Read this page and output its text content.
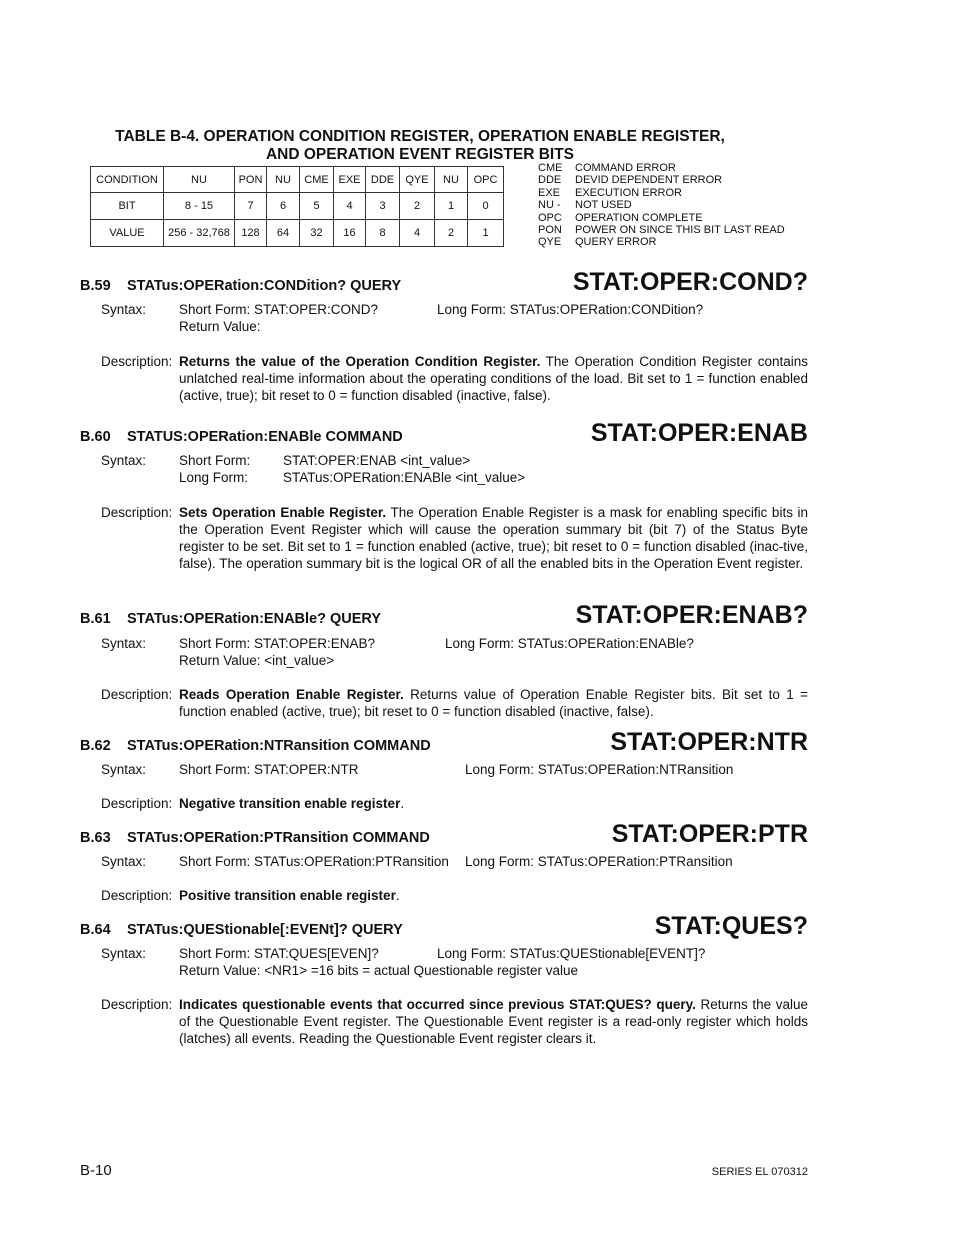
TABLE B-4. OPERATION CONDITION REGISTER, OPERATION ENABLE REGISTER,
AND OPERATION EVENT REGISTER BITS
CONDITION	NU	PON	NU	CME	EXE	DDE	QYE	NU	OPC
BIT	8 - 15	7	6	5	4	3	2	1	0
VALUE	256 - 32,768	128	64	32	16	8	4	2	1
CME	COMMAND ERROR
DDE	DEVID DEPENDENT ERROR
EXE	EXECUTION ERROR
NU -	NOT USED
OPC	OPERATION COMPLETE
PON	POWER ON SINCE THIS BIT LAST READ
QYE	QUERY ERROR
B.59 STATus:OPERation:CONDition? QUERY	STAT:OPER:COND?
Syntax: Short Form: STAT:OPER:COND?	Long Form: STATus:OPERation:CONDition?
Return Value:
Description: Returns the value of the Operation Condition Register. The Operation Condition Register contains unlatched real-time information about the operating conditions of the load. Bit set to 1 = function enabled (active, true); bit reset to 0 = function disabled (inactive, false).
B.60 STATUS:OPERation:ENABle COMMAND	STAT:OPER:ENAB
Syntax: Short Form: STAT:OPER:ENAB <int_value>
Long Form:	STATus:OPERation:ENABle <int_value>
Description: Sets Operation Enable Register. The Operation Enable Register is a mask for enabling specific bits in the Operation Event Register which will cause the operation summary bit (bit 7) of the Status Byte register to be set. Bit set to 1 = function enabled (active, true); bit reset to 0 = function disabled (inac-tive, false). The operation summary bit is the logical OR of all the enabled bits in the Operation Event register.
B.61 STATus:OPERation:ENABle? QUERY	STAT:OPER:ENAB?
Syntax: Short Form: STAT:OPER:ENAB?	Long Form: STATus:OPERation:ENABle?
Return Value: <int_value>
Description: Reads Operation Enable Register. Returns value of Operation Enable Register bits. Bit set to 1 = function enabled (active, true); bit reset to 0 = function disabled (inactive, false).
B.62 STATus:OPERation:NTRansition COMMAND	STAT:OPER:NTR
Syntax: Short Form: STAT:OPER:NTR	Long Form: STATus:OPERation:NTRansition
Description: Negative transition enable register.
B.63 STATus:OPERation:PTRansition COMMAND	STAT:OPER:PTR
Syntax: Short Form: STATus:OPERation:PTRansition Long Form: STATus:OPERation:PTRansition
Description: Positive transition enable register.
B.64 STATus:QUEStionable[:EVENt]? QUERY	STAT:QUES?
Syntax: Short Form: STAT:QUES[EVEN]?	Long Form: STATus:QUEStionable[EVENT]?
Return Value: <NR1> =16 bits = actual Questionable register value
Description: Indicates questionable events that occurred since previous STAT:QUES? query. Returns the value of the Questionable Event register. The Questionable Event register is a read-only register which holds (latches) all events. Reading the Questionable Event register clears it.
B-10	SERIES EL 070312
